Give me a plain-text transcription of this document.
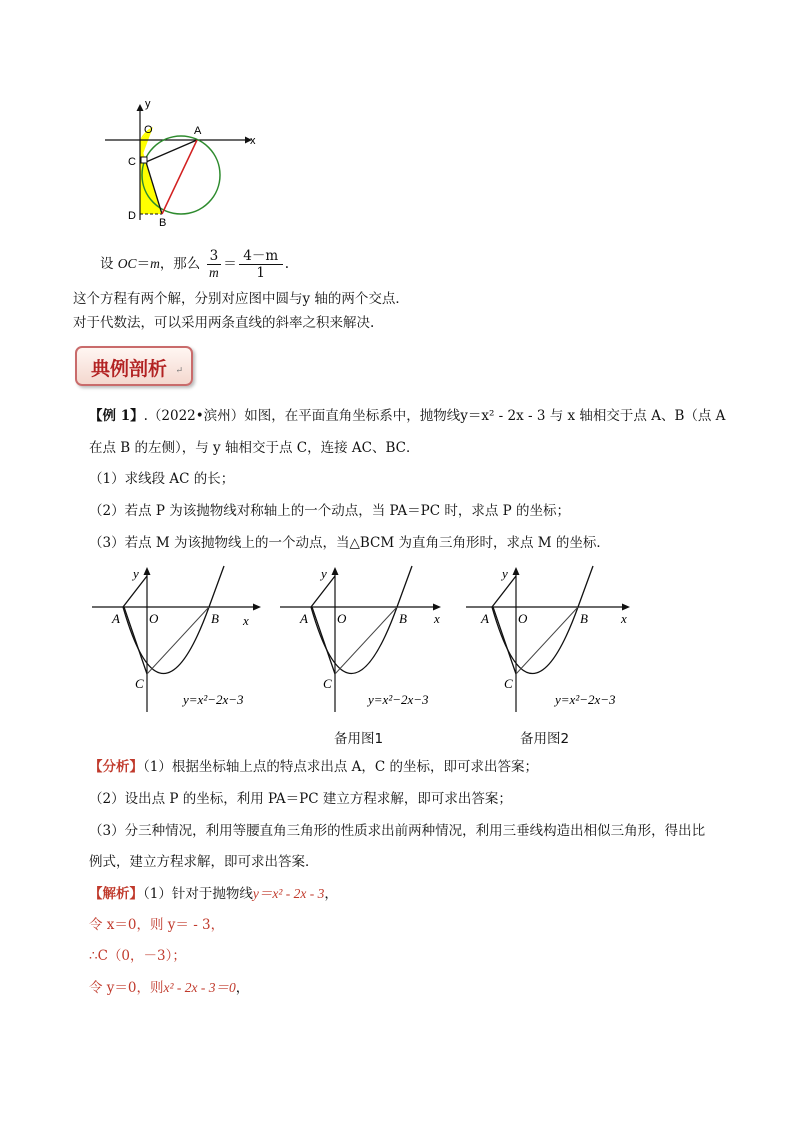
y
x
O	A
C
D
B
设 OC＝m，那么 $\frac{3}{m} = \frac{4-m}{1}$ .
这个方程有两个解，分别对应图中圆与y 轴的两个交点．
对于代数法，可以采用两条直线的斜率之积来解决.
典例剖析 ↵
【例 1】.（2022•滨州）如图，在平面直角坐标系中，抛物线y＝x² - 2x - 3 与 x 轴相交于点 A、B（点 A
在点 B 的左侧），与 y 轴相交于点 C，连接 AC、BC．
（1）求线段 AC 的长；
（2）若点 P 为该抛物线对称轴上的一个动点，当 PA＝PC 时，求点 P 的坐标；
（3）若点 M 为该抛物线上的一个动点，当△BCM 为直角三角形时，求点 M 的坐标．
y
x
O
A	B
C
y=x²−2x−3
y
x
O
A	B
C
y=x²−2x−3
y
x
O
A	B
C
y=x²−2x−3
备用图1	备用图2
【分析】（1）根据坐标轴上点的特点求出点 A，C 的坐标，即可求出答案；
（2）设出点 P 的坐标，利用 PA＝PC 建立方程求解，即可求出答案；
（3）分三种情况，利用等腰直角三角形的性质求出前两种情况，利用三垂线构造出相似三角形，得出比
例式，建立方程求解，即可求出答案．
【解析】（1）针对于抛物线y＝x² - 2x - 3，
令 x＝0，则 y＝ - 3，
∴C（0，－3）；
令 y＝0，则x² - 2x - 3＝0，
